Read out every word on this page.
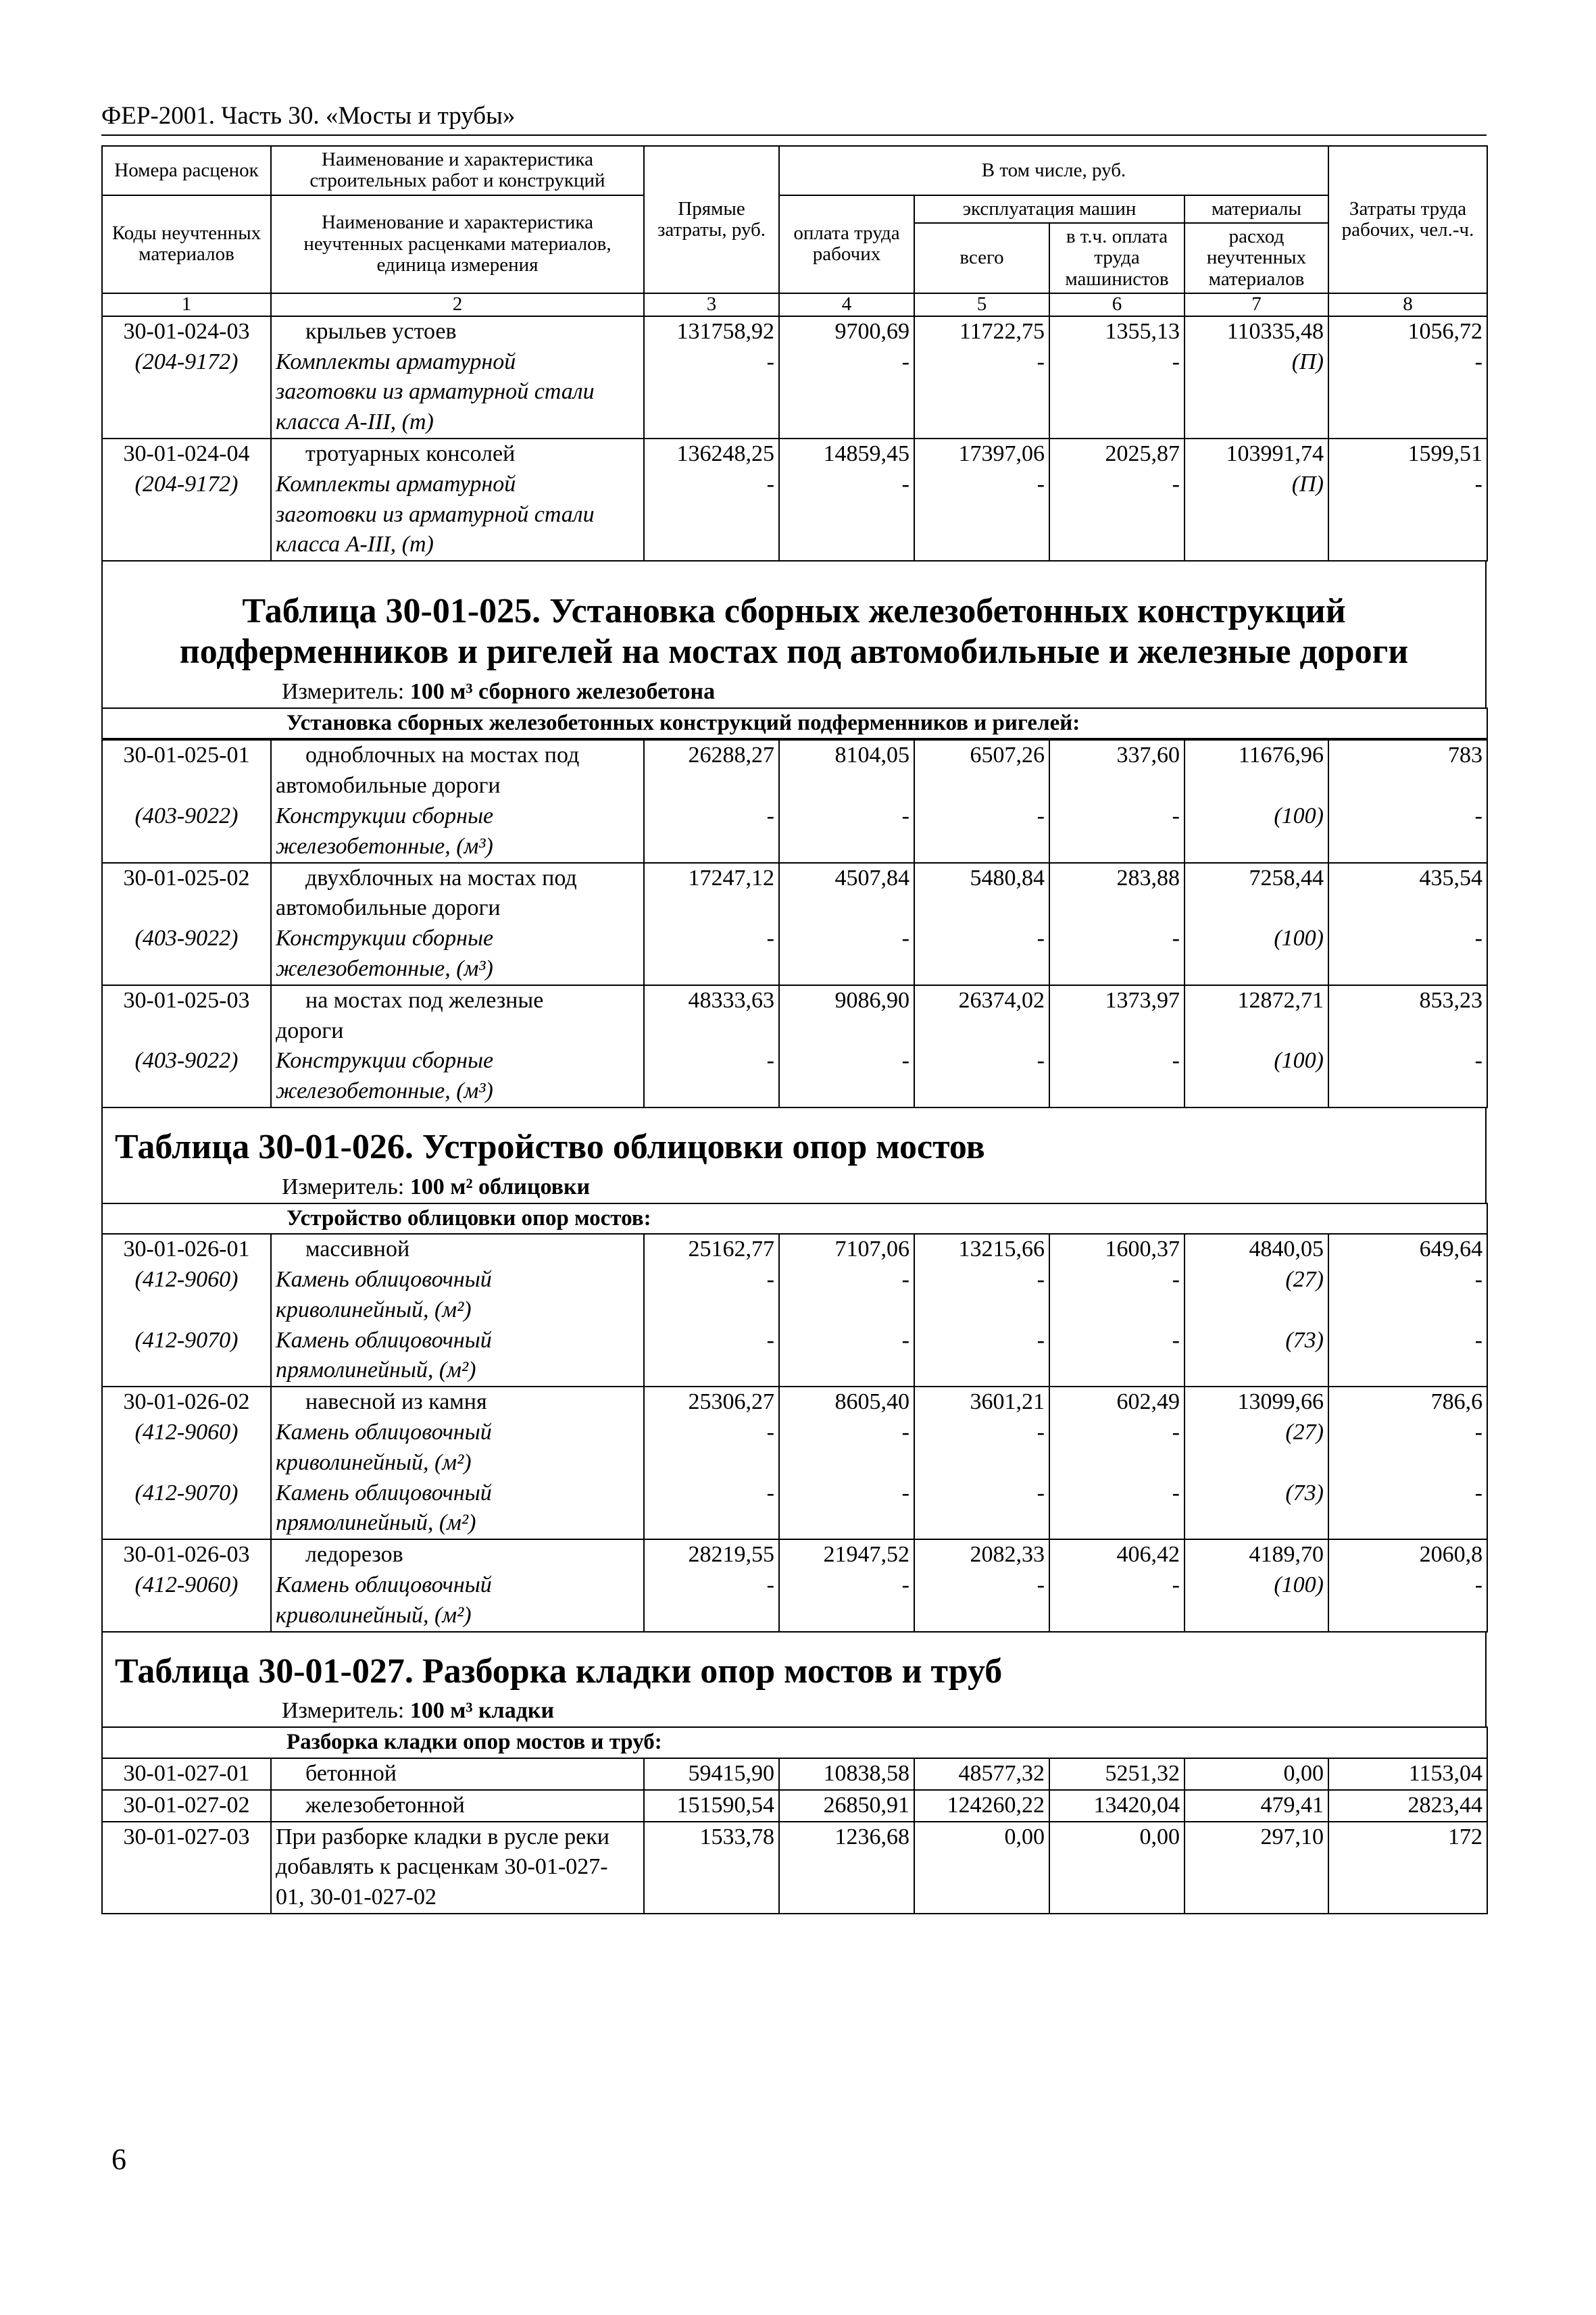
ФЕР-2001. Часть 30. «Мосты и трубы»
Номера расценок	Наименование и характеристика строительных работ и конструкций	Прямые затраты, руб.	В том числе, руб.				Затраты труда рабочих, чел.-ч.
Коды неучтенных материалов	Наименование и характеристика неучтенных расценками материалов, единица измерения		оплата труда рабочих	эксплуатация машин		материалы	
				всего	в т.ч. оплата труда машинистов	расход неучтенных материалов	
1	2	3	4	5	6	7	8
30-01-024-03	крыльев устоев	131758,92	9700,69	11722,75	1355,13	110335,48	1056,72
(204-9172)	Комплекты арматурной	-	-	-	-	(П)	-
	заготовки из арматурной стали						
	класса А-III, (т)						
30-01-024-04	тротуарных консолей	136248,25	14859,45	17397,06	2025,87	103991,74	1599,51
(204-9172)	Комплекты арматурной	-	-	-	-	(П)	-
	заготовки из арматурной стали						
	класса А-III, (т)						
Таблица 30-01-025. Установка сборных железобетонных конструкций подферменников и ригелей на мостах под автомобильные и железные дороги
Измеритель: 100 м³ сборного железобетона
Установка сборных железобетонных конструкций подферменников и ригелей:
30-01-025-01	одноблочных на мостах под	26288,27	8104,05	6507,26	337,60	11676,96	783
	автомобильные дороги						
(403-9022)	Конструкции сборные	-	-	-	-	(100)	-
	железобетонные, (м³)						
30-01-025-02	двухблочных на мостах под	17247,12	4507,84	5480,84	283,88	7258,44	435,54
	автомобильные дороги						
(403-9022)	Конструкции сборные	-	-	-	-	(100)	-
	железобетонные, (м³)						
30-01-025-03	на мостах под железные	48333,63	9086,90	26374,02	1373,97	12872,71	853,23
	дороги						
(403-9022)	Конструкции сборные	-	-	-	-	(100)	-
	железобетонные, (м³)						
Таблица 30-01-026. Устройство облицовки опор мостов
Измеритель: 100 м² облицовки
Устройство облицовки опор мостов:							
30-01-026-01	массивной	25162,77	7107,06	13215,66	1600,37	4840,05	649,64
(412-9060)	Камень облицовочный	-	-	-	-	(27)	-
	криволинейный, (м²)						
(412-9070)	Камень облицовочный	-	-	-	-	(73)	-
	прямолинейный, (м²)						
30-01-026-02	навесной из камня	25306,27	8605,40	3601,21	602,49	13099,66	786,6
(412-9060)	Камень облицовочный	-	-	-	-	(27)	-
	криволинейный, (м²)						
(412-9070)	Камень облицовочный	-	-	-	-	(73)	-
	прямолинейный, (м²)						
30-01-026-03	ледорезов	28219,55	21947,52	2082,33	406,42	4189,70	2060,8
(412-9060)	Камень облицовочный	-	-	-	-	(100)	-
	криволинейный, (м²)						
Таблица 30-01-027. Разборка кладки опор мостов и труб
Измеритель: 100 м³ кладки
Разборка кладки опор мостов и труб:							
30-01-027-01	бетонной	59415,90	10838,58	48577,32	5251,32	0,00	1153,04
30-01-027-02	железобетонной	151590,54	26850,91	124260,22	13420,04	479,41	2823,44
30-01-027-03	При разборке кладки в русле реки	1533,78	1236,68	0,00	0,00	297,10	172
	добавлять к расценкам 30-01-027-						
	01, 30-01-027-02						
6
